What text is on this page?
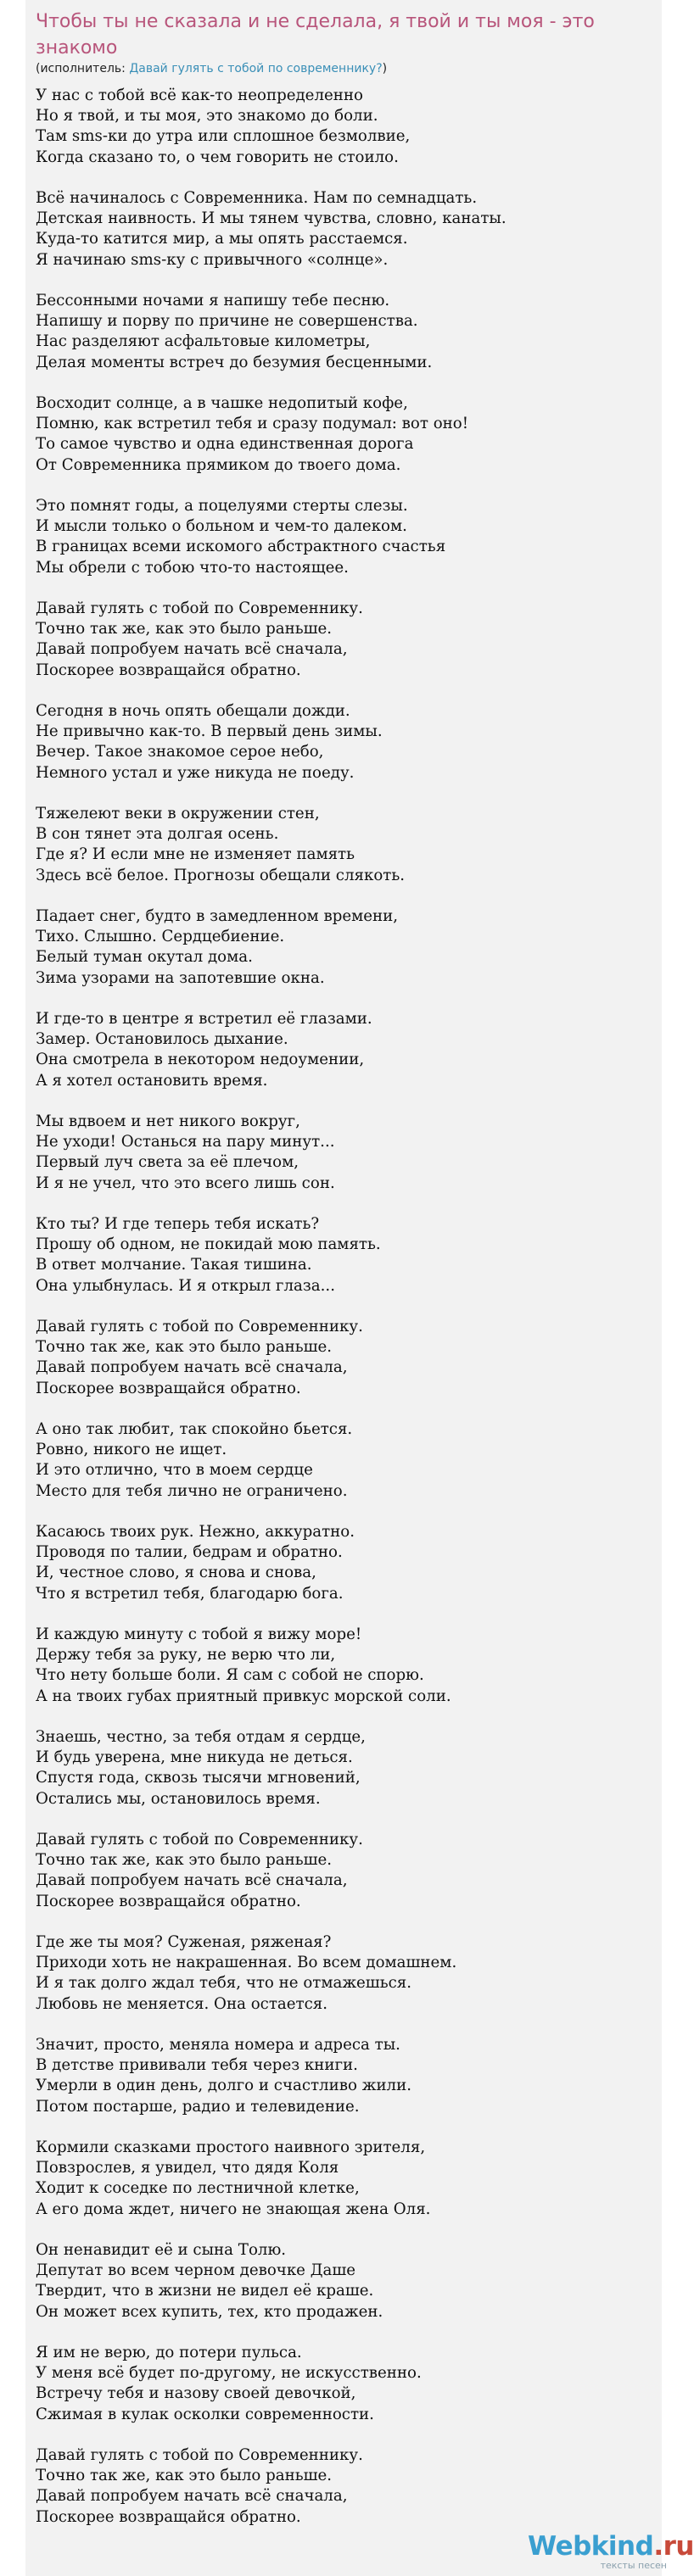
Чтобы ты не сказала и не сделала, я твой и ты моя - это знакомо
(исполнитель: Давай гулять с тобой по современнику?)
У нас с тобой всё как-то неопределенно
Но я твой, и ты моя, это знакомо до боли.
Там sms-ки до утра или сплошное безмолвие,
Когда сказано то, о чем говорить не стоило.
Всё начиналось с Современника. Нам по семнадцать.
Детская наивность. И мы тянем чувства, словно, канаты.
Куда-то катится мир, а мы опять расстаемся.
Я начинаю sms-ку с привычного «солнце».
Бессонными ночами я напишу тебе песню.
Напишу и порву по причине не совершенства.
Нас разделяют асфальтовые километры,
Делая моменты встреч до безумия бесценными.
Восходит солнце, а в чашке недопитый кофе,
Помню, как встретил тебя и сразу подумал: вот оно!
То самое чувство и одна единственная дорога
От Современника прямиком до твоего дома.
Это помнят годы, а поцелуями стерты слезы.
И мысли только о больном и чем-то далеком.
В границах всеми искомого абстрактного счастья
Мы обрели с тобою что-то настоящее.
Давай гулять с тобой по Современнику.
Точно так же, как это было раньше.
Давай попробуем начать всё сначала,
Поскорее возвращайся обратно.
Сегодня в ночь опять обещали дожди.
Не привычно как-то. В первый день зимы.
Вечер. Такое знакомое серое небо,
Немного устал и уже никуда не поеду.
Тяжелеют веки в окружении стен,
В сон тянет эта долгая осень.
Где я? И если мне не изменяет память
Здесь всё белое. Прогнозы обещали слякоть.
Падает снег, будто в замедленном времени,
Тихо. Слышно. Сердцебиение.
Белый туман окутал дома.
Зима узорами на запотевшие окна.
И где-то в центре я встретил её глазами.
Замер. Остановилось дыхание.
Она смотрела в некотором недоумении,
А я хотел остановить время.
Мы вдвоем и нет никого вокруг,
Не уходи! Останься на пару минут...
Первый луч света за её плечом,
И я не учел, что это всего лишь сон.
Кто ты? И где теперь тебя искать?
Прошу об одном, не покидай мою память.
В ответ молчание. Такая тишина.
Она улыбнулась. И я открыл глаза...
Давай гулять с тобой по Современнику.
Точно так же, как это было раньше.
Давай попробуем начать всё сначала,
Поскорее возвращайся обратно.
А оно так любит, так спокойно бьется.
Ровно, никого не ищет.
И это отлично, что в моем сердце
Место для тебя лично не ограничено.
Касаюсь твоих рук. Нежно, аккуратно.
Проводя по талии, бедрам и обратно.
И, честное слово, я снова и снова,
Что я встретил тебя, благодарю бога.
И каждую минуту с тобой я вижу море!
Держу тебя за руку, не верю что ли,
Что нету больше боли. Я сам с собой не спорю.
А на твоих губах приятный привкус морской соли.
Знаешь, честно, за тебя отдам я сердце,
И будь уверена, мне никуда не деться.
Спустя года, сквозь тысячи мгновений,
Остались мы, остановилось время.
Давай гулять с тобой по Современнику.
Точно так же, как это было раньше.
Давай попробуем начать всё сначала,
Поскорее возвращайся обратно.
Где же ты моя? Суженая, ряженая?
Приходи хоть не накрашенная. Во всем домашнем.
И я так долго ждал тебя, что не отмажешься.
Любовь не меняется. Она остается.
Значит, просто, меняла номера и адреса ты.
В детстве прививали тебя через книги.
Умерли в один день, долго и счастливо жили.
Потом постарше, радио и телевидение.
Кормили сказками простого наивного зрителя,
Повзрослев, я увидел, что дядя Коля
Ходит к соседке по лестничной клетке,
А его дома ждет, ничего не знающая жена Оля.
Он ненавидит её и сына Толю.
Депутат во всем черном девочке Даше
Твердит, что в жизни не видел её краше.
Он может всех купить, тех, кто продажен.
Я им не верю, до потери пульса.
У меня всё будет по-другому, не искусственно.
Встречу тебя и назову своей девочкой,
Сжимая в кулак осколки современности.
Давай гулять с тобой по Современнику.
Точно так же, как это было раньше.
Давай попробуем начать всё сначала,
Поскорее возвращайся обратно.
Webkind.ru
тексты песен
